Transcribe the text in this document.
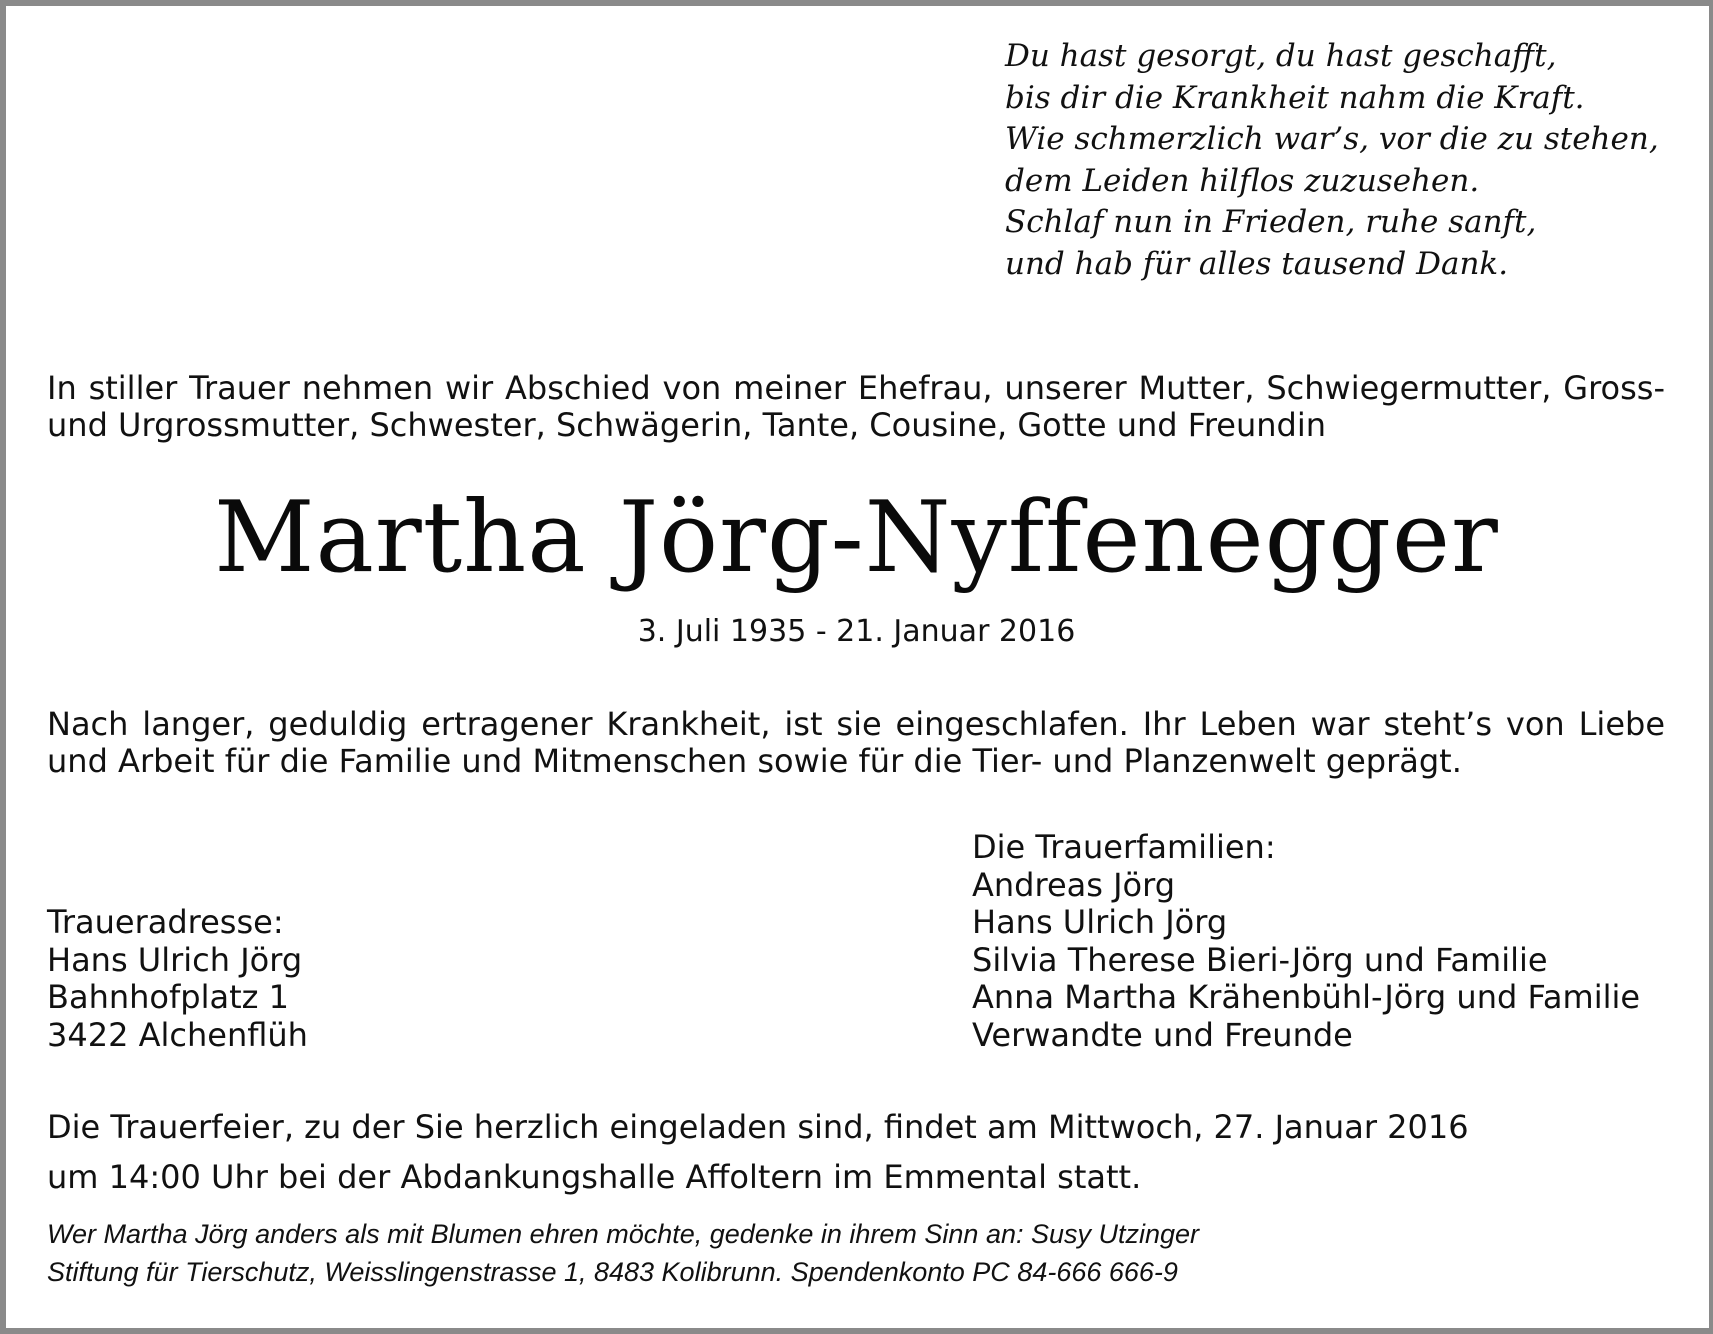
Du hast gesorgt, du hast geschafft,
bis dir die Krankheit nahm die Kraft.
Wie schmerzlich war’s, vor die zu stehen,
dem Leiden hilflos zuzusehen.
Schlaf nun in Frieden, ruhe sanft,
und hab für alles tausend Dank.
In stiller Trauer nehmen wir Abschied von meiner Ehefrau, unserer Mutter, Schwiegermutter, Gross- und Urgrossmutter, Schwester, Schwägerin, Tante, Cousine, Gotte und Freundin
Martha Jörg-Nyffenegger
3. Juli 1935 - 21. Januar 2016
Nach langer, geduldig ertragener Krankheit, ist sie eingeschlafen. Ihr Leben war steht’s von Liebe und Arbeit für die Familie und Mitmenschen sowie für die Tier- und Planzenwelt geprägt.
Traueradresse:
Hans Ulrich Jörg
Bahnhofplatz 1
3422 Alchenflüh
Die Trauerfamilien:
Andreas Jörg
Hans Ulrich Jörg
Silvia Therese Bieri-Jörg und Familie
Anna Martha Krähenbühl-Jörg und Familie
Verwandte und Freunde
Die Trauerfeier, zu der Sie herzlich eingeladen sind, findet am Mittwoch, 27. Januar 2016
um 14:00 Uhr bei der Abdankungshalle Affoltern im Emmental statt.
Wer Martha Jörg anders als mit Blumen ehren möchte, gedenke in ihrem Sinn an: Susy Utzinger
Stiftung für Tierschutz, Weisslingenstrasse 1, 8483 Kolibrunn. Spendenkonto PC 84-666 666-9
